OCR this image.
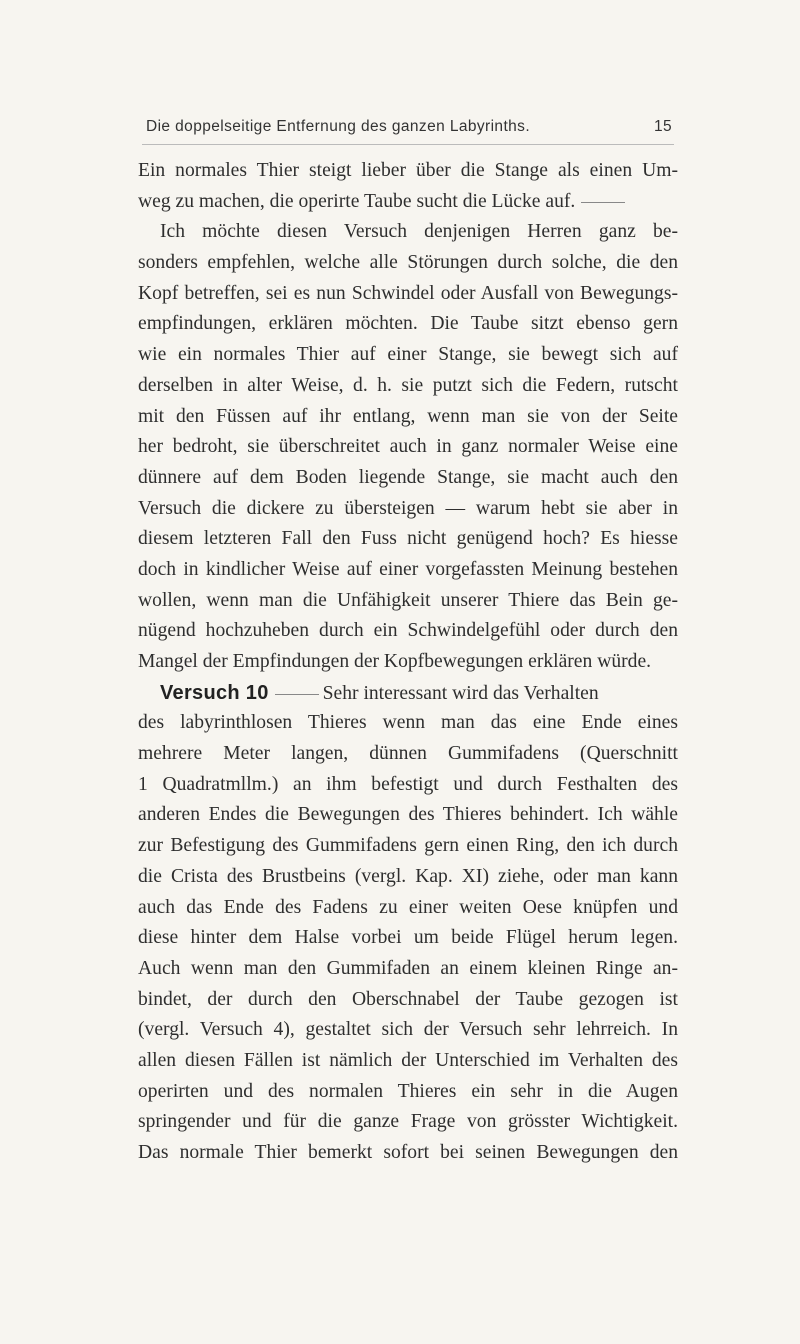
Die doppelseitige Entfernung des ganzen Labyrinths.	15
Ein normales Thier steigt lieber über die Stange als einen Um-
weg zu machen, die operirte Taube sucht die Lücke auf.
Ich möchte diesen Versuch denjenigen Herren ganz be-
sonders empfehlen, welche alle Störungen durch solche, die den
Kopf betreffen, sei es nun Schwindel oder Ausfall von Bewegungs-
empfindungen, erklären möchten. Die Taube sitzt ebenso gern
wie ein normales Thier auf einer Stange, sie bewegt sich auf
derselben in alter Weise, d. h. sie putzt sich die Federn, rutscht
mit den Füssen auf ihr entlang, wenn man sie von der Seite
her bedroht, sie überschreitet auch in ganz normaler Weise eine
dünnere auf dem Boden liegende Stange, sie macht auch den
Versuch die dickere zu übersteigen — warum hebt sie aber in
diesem letzteren Fall den Fuss nicht genügend hoch? Es hiesse
doch in kindlicher Weise auf einer vorgefassten Meinung bestehen
wollen, wenn man die Unfähigkeit unserer Thiere das Bein ge-
nügend hochzuheben durch ein Schwindelgefühl oder durch den
Mangel der Empfindungen der Kopfbewegungen erklären würde.
Versuch 10	Sehr interessant wird das Verhalten
des labyrinthlosen Thieres wenn man das eine Ende eines
mehrere Meter langen, dünnen Gummifadens (Querschnitt
1 Quadratmllm.) an ihm befestigt und durch Festhalten des
anderen Endes die Bewegungen des Thieres behindert. Ich wähle
zur Befestigung des Gummifadens gern einen Ring, den ich durch
die Crista des Brustbeins (vergl. Kap. XI) ziehe, oder man kann
auch das Ende des Fadens zu einer weiten Oese knüpfen und
diese hinter dem Halse vorbei um beide Flügel herum legen.
Auch wenn man den Gummifaden an einem kleinen Ringe an-
bindet, der durch den Oberschnabel der Taube gezogen ist
(vergl. Versuch 4), gestaltet sich der Versuch sehr lehrreich. In
allen diesen Fällen ist nämlich der Unterschied im Verhalten des
operirten und des normalen Thieres ein sehr in die Augen
springender und für die ganze Frage von grösster Wichtigkeit.
Das normale Thier bemerkt sofort bei seinen Bewegungen den
